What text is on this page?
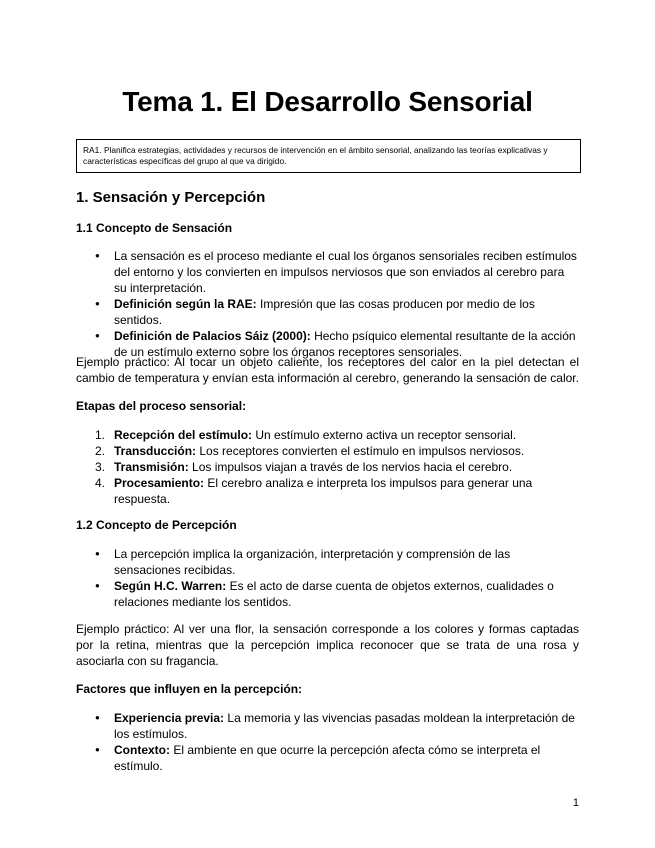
Tema 1. El Desarrollo Sensorial
RA1. Planifica estrategias, actividades y recursos de intervención en el ámbito sensorial, analizando las teorías explicativas y características específicas del grupo al que va dirigido.
1. Sensación y Percepción
1.1 Concepto de Sensación
● La sensación es el proceso mediante el cual los órganos sensoriales reciben estímulos del entorno y los convierten en impulsos nerviosos que son enviados al cerebro para su interpretación.
● Definición según la RAE: Impresión que las cosas producen por medio de los sentidos.
● Definición de Palacios Sáiz (2000): Hecho psíquico elemental resultante de la acción de un estímulo externo sobre los órganos receptores sensoriales.
Ejemplo práctico: Al tocar un objeto caliente, los receptores del calor en la piel detectan el cambio de temperatura y envían esta información al cerebro, generando la sensación de calor.
Etapas del proceso sensorial:
1. Recepción del estímulo: Un estímulo externo activa un receptor sensorial.
2. Transducción: Los receptores convierten el estímulo en impulsos nerviosos.
3. Transmisión: Los impulsos viajan a través de los nervios hacia el cerebro.
4. Procesamiento: El cerebro analiza e interpreta los impulsos para generar una respuesta.
1.2 Concepto de Percepción
● La percepción implica la organización, interpretación y comprensión de las sensaciones recibidas.
● Según H.C. Warren: Es el acto de darse cuenta de objetos externos, cualidades o relaciones mediante los sentidos.
Ejemplo práctico: Al ver una flor, la sensación corresponde a los colores y formas captadas por la retina, mientras que la percepción implica reconocer que se trata de una rosa y asociarla con su fragancia.
Factores que influyen en la percepción:
● Experiencia previa: La memoria y las vivencias pasadas moldean la interpretación de los estímulos.
● Contexto: El ambiente en que ocurre la percepción afecta cómo se interpreta el estímulo.
1
